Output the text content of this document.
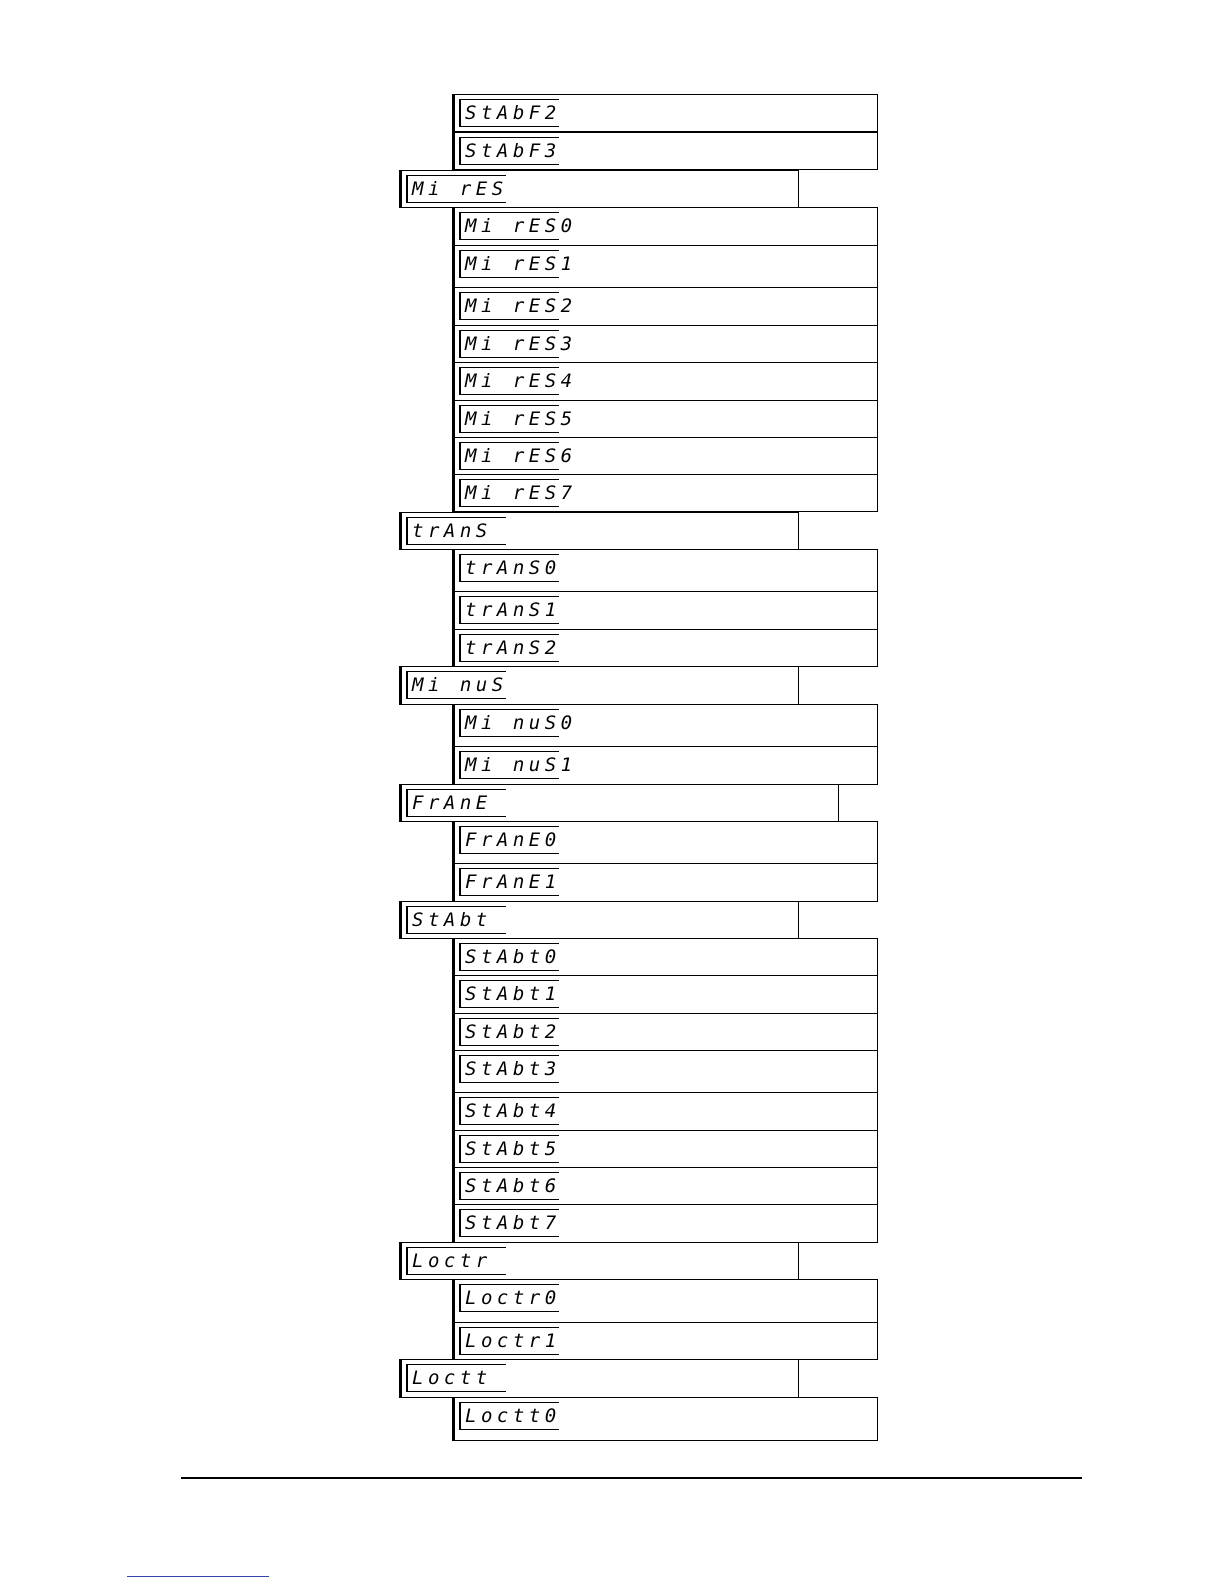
StAbF2
StAbF3
Mi rES
Mi rES0
Mi rES1
Mi rES2
Mi rES3
Mi rES4
Mi rES5
Mi rES6
Mi rES7
trAnS
trAnS0
trAnS1
trAnS2
Mi nuS
Mi nuS0
Mi nuS1
FrAnE
FrAnE0
FrAnE1
StAbt
StAbt0
StAbt1
StAbt2
StAbt3
StAbt4
StAbt5
StAbt6
StAbt7
Loctr
Loctr0
Loctr1
Loctt
Loctt0
